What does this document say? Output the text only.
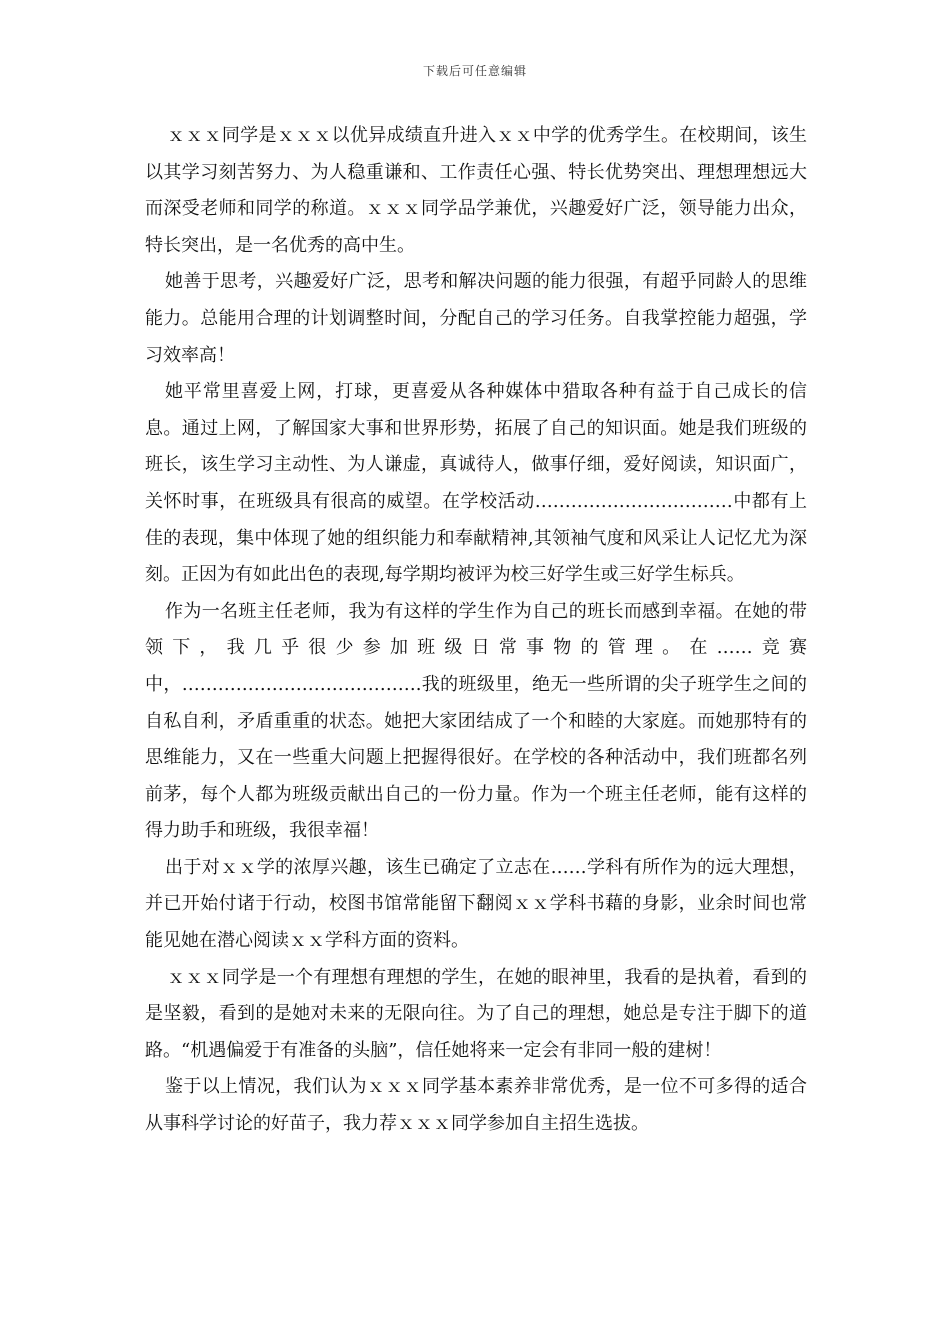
下载后可任意编辑

ｘｘｘ同学是ｘｘｘ以优异成绩直升进入ｘｘ中学的优秀学生。在校期间，该生以其学习刻苦努力、为人稳重谦和、工作责任心强、特长优势突出、理想理想远大而深受老师和同学的称道。ｘｘｘ同学品学兼优，兴趣爱好广泛，领导能力出众，特长突出，是一名优秀的高中生。

她善于思考，兴趣爱好广泛，思考和解决问题的能力很强，有超乎同龄人的思维能力。总能用合理的计划调整时间，分配自己的学习任务。自我掌控能力超强，学习效率高！

她平常里喜爱上网，打球，更喜爱从各种媒体中猎取各种有益于自己成长的信息。通过上网，了解国家大事和世界形势，拓展了自己的知识面。她是我们班级的班长，该生学习主动性、为人谦虚，真诚待人，做事仔细，爱好阅读，知识面广，关怀时事，在班级具有很高的威望。在学校活动……………………………中都有上佳的表现，集中体现了她的组织能力和奉献精神,其领袖气度和风采让人记忆尤为深刻。正因为有如此出色的表现,每学期均被评为校三好学生或三好学生标兵。

作为一名班主任老师，我为有这样的学生作为自己的班长而感到幸福。在她的带领下，我几乎很少参加班级日常事物的管理。在……竞赛中，………………………………….我的班级里，绝无一些所谓的尖子班学生之间的自私自利，矛盾重重的状态。她把大家团结成了一个和睦的大家庭。而她那特有的思维能力，又在一些重大问题上把握得很好。在学校的各种活动中，我们班都名列前茅，每个人都为班级贡献出自己的一份力量。作为一个班主任老师，能有这样的得力助手和班级，我很幸福！

出于对ｘｘ学的浓厚兴趣，该生已确定了立志在……学科有所作为的远大理想，并已开始付诸于行动，校图书馆常能留下翻阅ｘｘ学科书藉的身影，业余时间也常能见她在潜心阅读ｘｘ学科方面的资料。

ｘｘｘ同学是一个有理想有理想的学生，在她的眼神里，我看的是执着，看到的是坚毅，看到的是她对未来的无限向往。为了自己的理想，她总是专注于脚下的道路。“机遇偏爱于有准备的头脑”，信任她将来一定会有非同一般的建树！

鉴于以上情况，我们认为ｘｘｘ同学基本素养非常优秀，是一位不可多得的适合从事科学讨论的好苗子，我力荐ｘｘｘ同学参加自主招生选拔。
